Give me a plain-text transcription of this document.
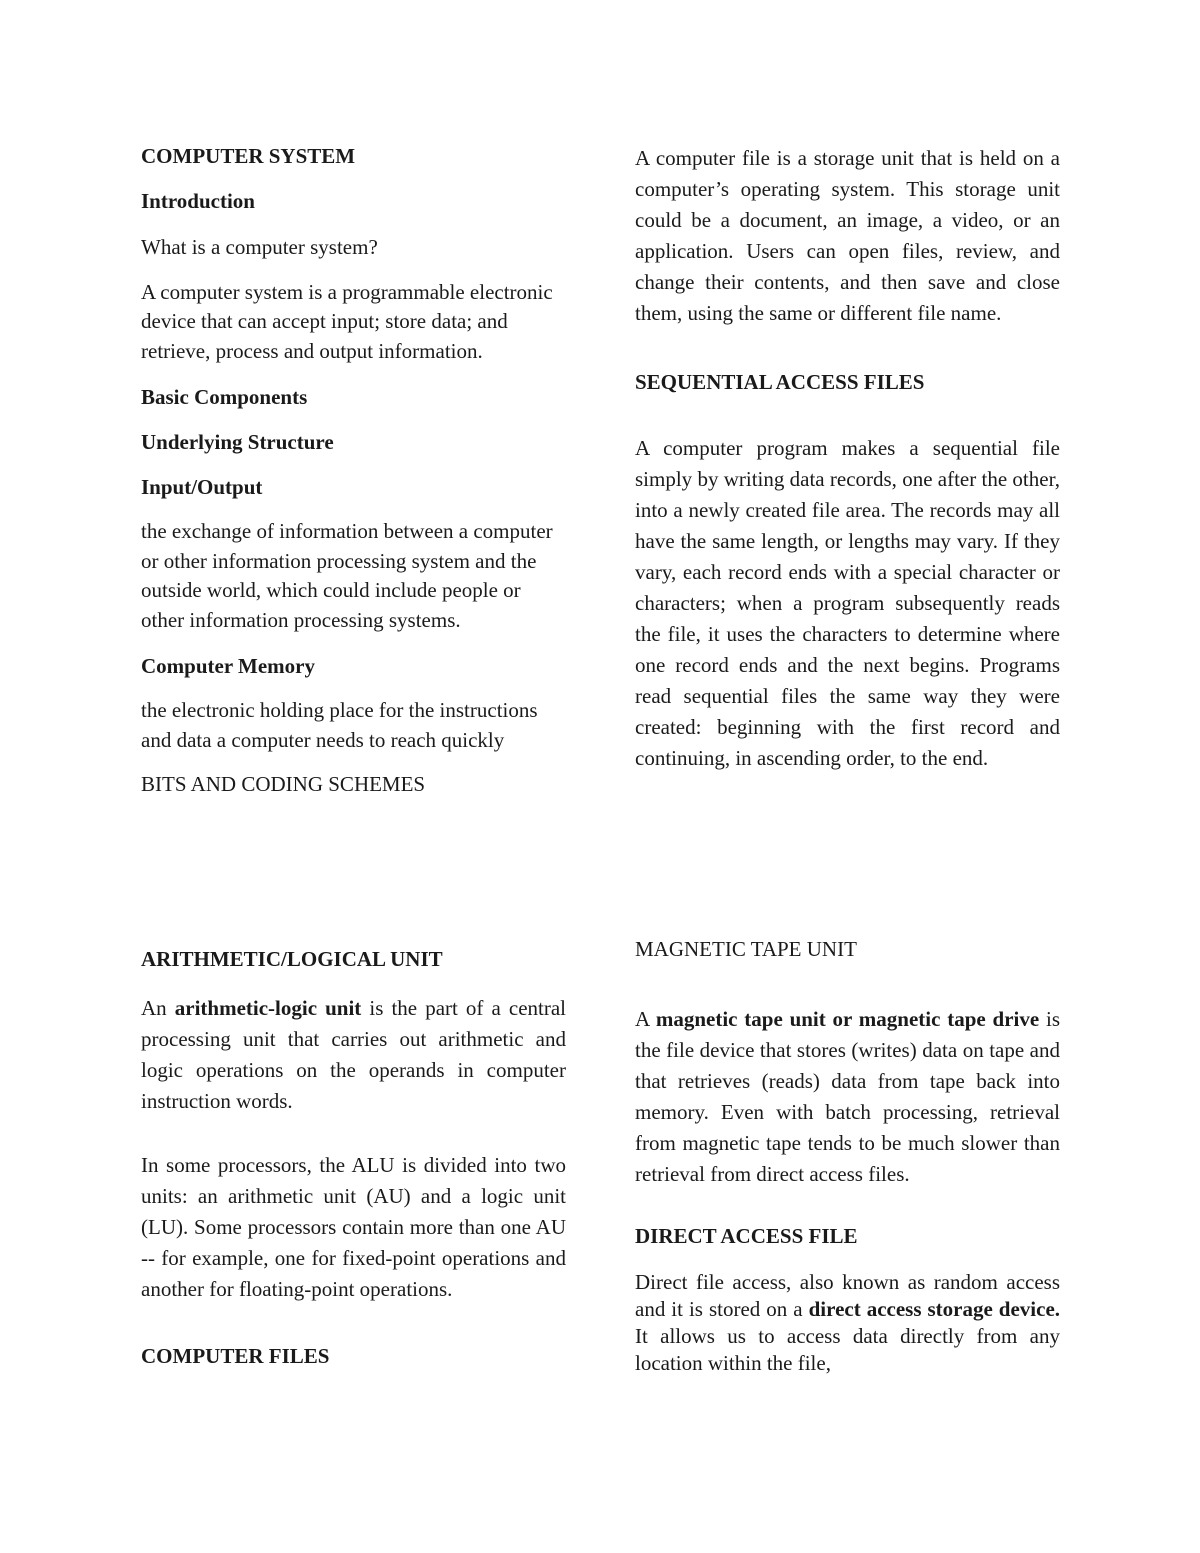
COMPUTER SYSTEM

Introduction

What is a computer system?

A computer system is a programmable electronic device that can accept input; store data; and retrieve, process and output information.

Basic Components

Underlying Structure

Input/Output

the exchange of information between a computer or other information processing system and the outside world, which could include people or other information processing systems.

Computer Memory

the electronic holding place for the instructions and data a computer needs to reach quickly

BITS AND CODING SCHEMES

ARITHMETIC/LOGICAL UNIT

An arithmetic-logic unit is the part of a central processing unit that carries out arithmetic and logic operations on the operands in computer instruction words.

In some processors, the ALU is divided into two units: an arithmetic unit (AU) and a logic unit (LU). Some processors contain more than one AU -- for example, one for fixed-point operations and another for floating-point operations.

COMPUTER FILES

A computer file is a storage unit that is held on a computer’s operating system. This storage unit could be a document, an image, a video, or an application. Users can open files, review, and change their contents, and then save and close them, using the same or different file name.

SEQUENTIAL ACCESS FILES

A computer program makes a sequential file simply by writing data records, one after the other, into a newly created file area. The records may all have the same length, or lengths may vary. If they vary, each record ends with a special character or characters; when a program subsequently reads the file, it uses the characters to determine where one record ends and the next begins. Programs read sequential files the same way they were created: beginning with the first record and continuing, in ascending order, to the end.

MAGNETIC TAPE UNIT

A magnetic tape unit or magnetic tape drive is the file device that stores (writes) data on tape and that retrieves (reads) data from tape back into memory. Even with batch processing, retrieval from magnetic tape tends to be much slower than retrieval from direct access files.

DIRECT ACCESS FILE

Direct file access, also known as random access and it is stored on a direct access storage device. It allows us to access data directly from any location within the file,
